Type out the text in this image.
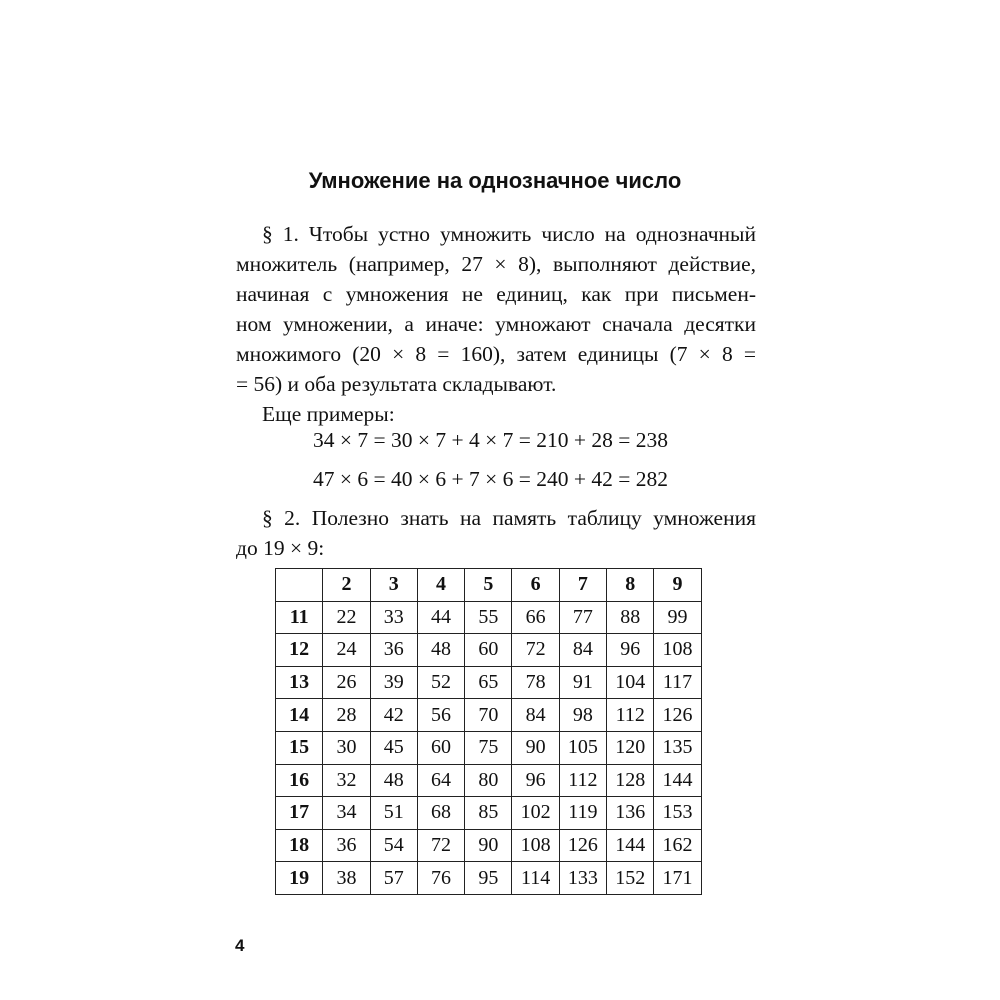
Умножение на однозначное число
§ 1. Чтобы устно умножить число на однозначный
множитель (например, 27 × 8), выполняют действие,
начиная с умножения не единиц, как при письмен-
ном умножении, а иначе: умножают сначала десятки
множимого (20 × 8 = 160), затем единицы (7 × 8 =
= 56) и оба результата складывают.
Еще примеры:
34 × 7 = 30 × 7 + 4 × 7 = 210 + 28 = 238
47 × 6 = 40 × 6 + 7 × 6 = 240 + 42 = 282
§ 2. Полезно знать на память таблицу умножения
до 19 × 9:
	2	3	4	5	6	7	8	9
11	22	33	44	55	66	77	88	99
12	24	36	48	60	72	84	96	108
13	26	39	52	65	78	91	104	117
14	28	42	56	70	84	98	112	126
15	30	45	60	75	90	105	120	135
16	32	48	64	80	96	112	128	144
17	34	51	68	85	102	119	136	153
18	36	54	72	90	108	126	144	162
19	38	57	76	95	114	133	152	171
4
